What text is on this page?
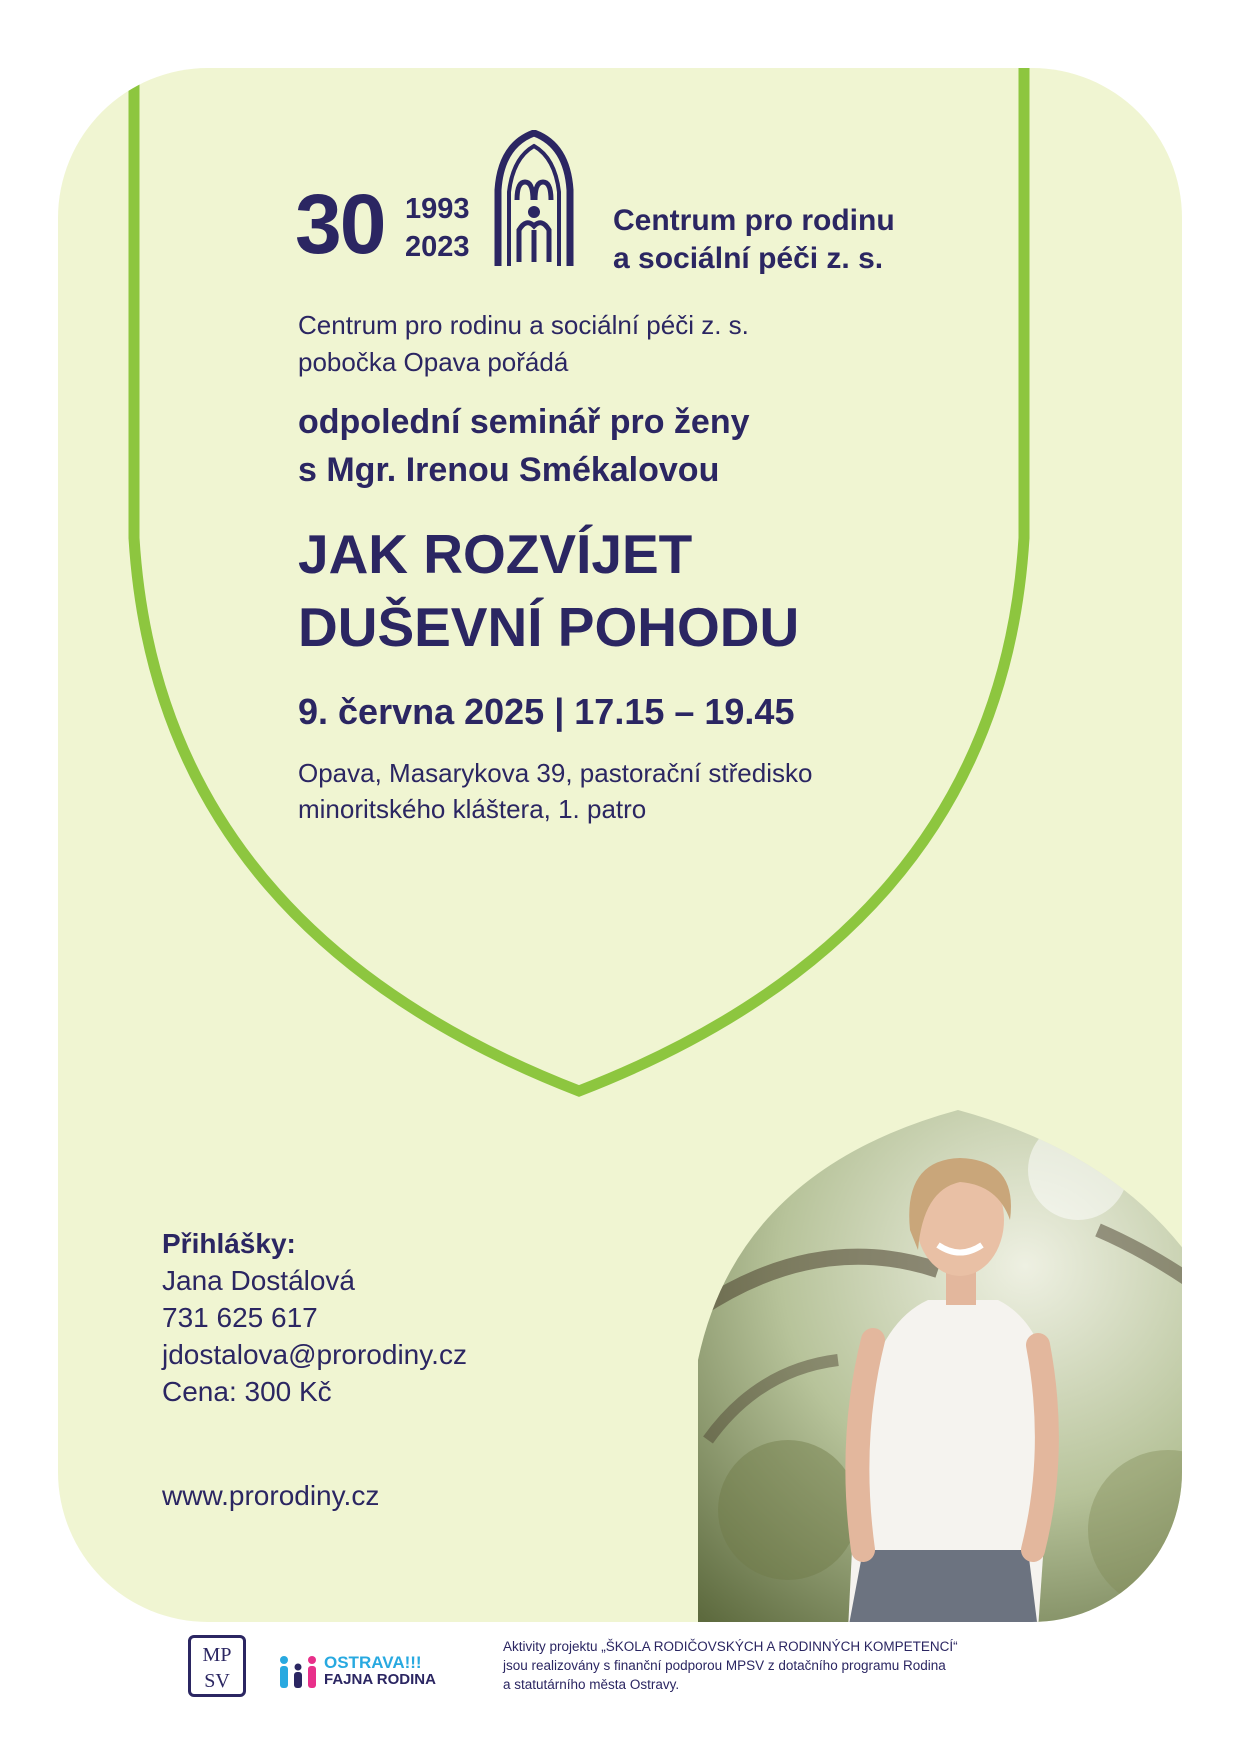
30 1993
2023
Centrum pro rodinu
a sociální péči z. s.
Centrum pro rodinu a sociální péči z. s.
pobočka Opava pořádá
odpolední seminář pro ženy
s Mgr. Irenou Smékalovou
JAK ROZVÍJET
DUŠEVNÍ POHODU
9. června 2025 | 17.15 – 19.45
Opava, Masarykova 39, pastorační středisko
minoritského kláštera, 1. patro
Přihlášky:
Jana Dostálová
731 625 617
jdostalova@prorodiny.cz
Cena: 300 Kč
www.prorodiny.cz
MP
SV
OSTRAVA!!!
FAJNA RODINA
Aktivity projektu „ŠKOLA RODIČOVSKÝCH A RODINNÝCH KOMPETENCÍ“
jsou realizovány s finanční podporou MPSV z dotačního programu Rodina
a statutárního města Ostravy.
